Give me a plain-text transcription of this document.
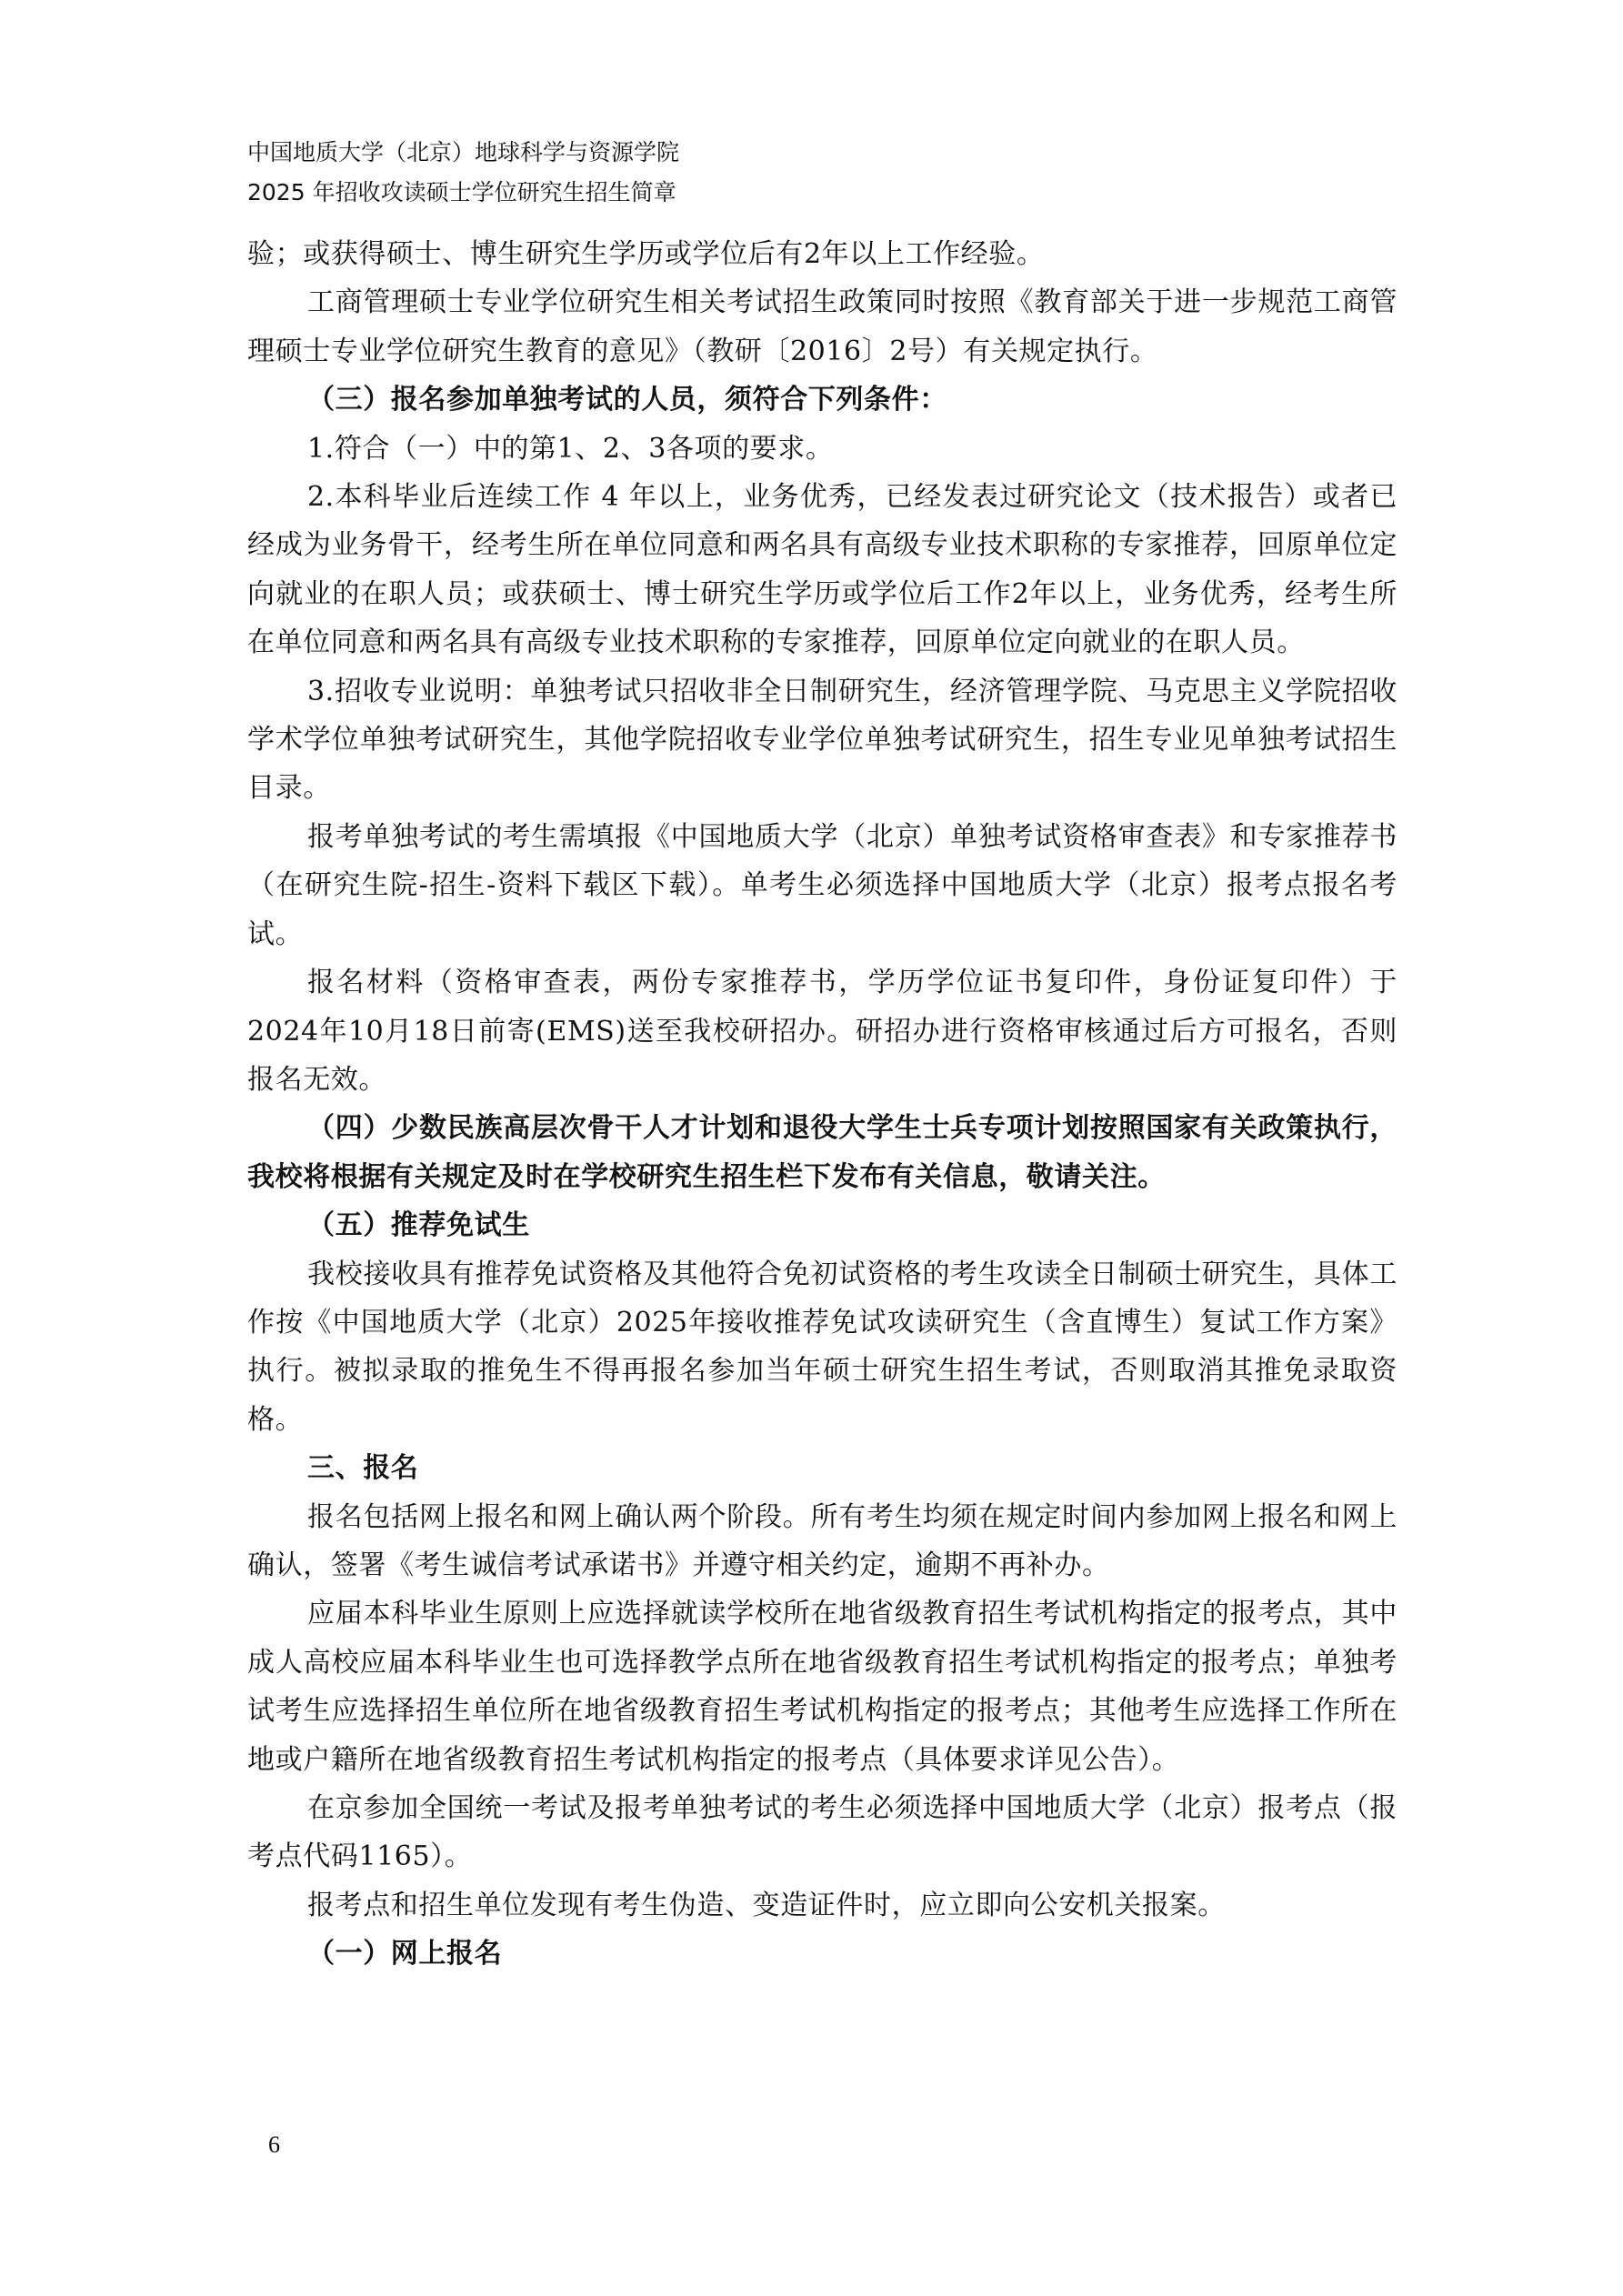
中国地质大学（北京）地球科学与资源学院
2025 年招收攻读硕士学位研究生招生简章

验；或获得硕士、博生研究生学历或学位后有2年以上工作经验。

工商管理硕士专业学位研究生相关考试招生政策同时按照《教育部关于进一步规范工商管理硕士专业学位研究生教育的意见》（教研〔2016〕2号）有关规定执行。

（三）报名参加单独考试的人员，须符合下列条件：

1.符合（一）中的第1、2、3各项的要求。

2.本科毕业后连续工作 4 年以上，业务优秀，已经发表过研究论文（技术报告）或者已经成为业务骨干，经考生所在单位同意和两名具有高级专业技术职称的专家推荐，回原单位定向就业的在职人员；或获硕士、博士研究生学历或学位后工作2年以上，业务优秀，经考生所在单位同意和两名具有高级专业技术职称的专家推荐，回原单位定向就业的在职人员。

3.招收专业说明：单独考试只招收非全日制研究生，经济管理学院、马克思主义学院招收学术学位单独考试研究生，其他学院招收专业学位单独考试研究生，招生专业见单独考试招生目录。

报考单独考试的考生需填报《中国地质大学（北京）单独考试资格审查表》和专家推荐书（在研究生院-招生-资料下载区下载）。单考生必须选择中国地质大学（北京）报考点报名考试。

报名材料（资格审查表，两份专家推荐书，学历学位证书复印件，身份证复印件）于2024年10月18日前寄(EMS)送至我校研招办。研招办进行资格审核通过后方可报名，否则报名无效。

（四）少数民族高层次骨干人才计划和退役大学生士兵专项计划按照国家有关政策执行，我校将根据有关规定及时在学校研究生招生栏下发布有关信息，敬请关注。

（五）推荐免试生

我校接收具有推荐免试资格及其他符合免初试资格的考生攻读全日制硕士研究生，具体工作按《中国地质大学（北京）2025年接收推荐免试攻读研究生（含直博生）复试工作方案》执行。被拟录取的推免生不得再报名参加当年硕士研究生招生考试，否则取消其推免录取资格。

三、报名

报名包括网上报名和网上确认两个阶段。所有考生均须在规定时间内参加网上报名和网上确认，签署《考生诚信考试承诺书》并遵守相关约定，逾期不再补办。

应届本科毕业生原则上应选择就读学校所在地省级教育招生考试机构指定的报考点，其中成人高校应届本科毕业生也可选择教学点所在地省级教育招生考试机构指定的报考点；单独考试考生应选择招生单位所在地省级教育招生考试机构指定的报考点；其他考生应选择工作所在地或户籍所在地省级教育招生考试机构指定的报考点（具体要求详见公告）。

在京参加全国统一考试及报考单独考试的考生必须选择中国地质大学（北京）报考点（报考点代码1165）。

报考点和招生单位发现有考生伪造、变造证件时，应立即向公安机关报案。

（一）网上报名

6
